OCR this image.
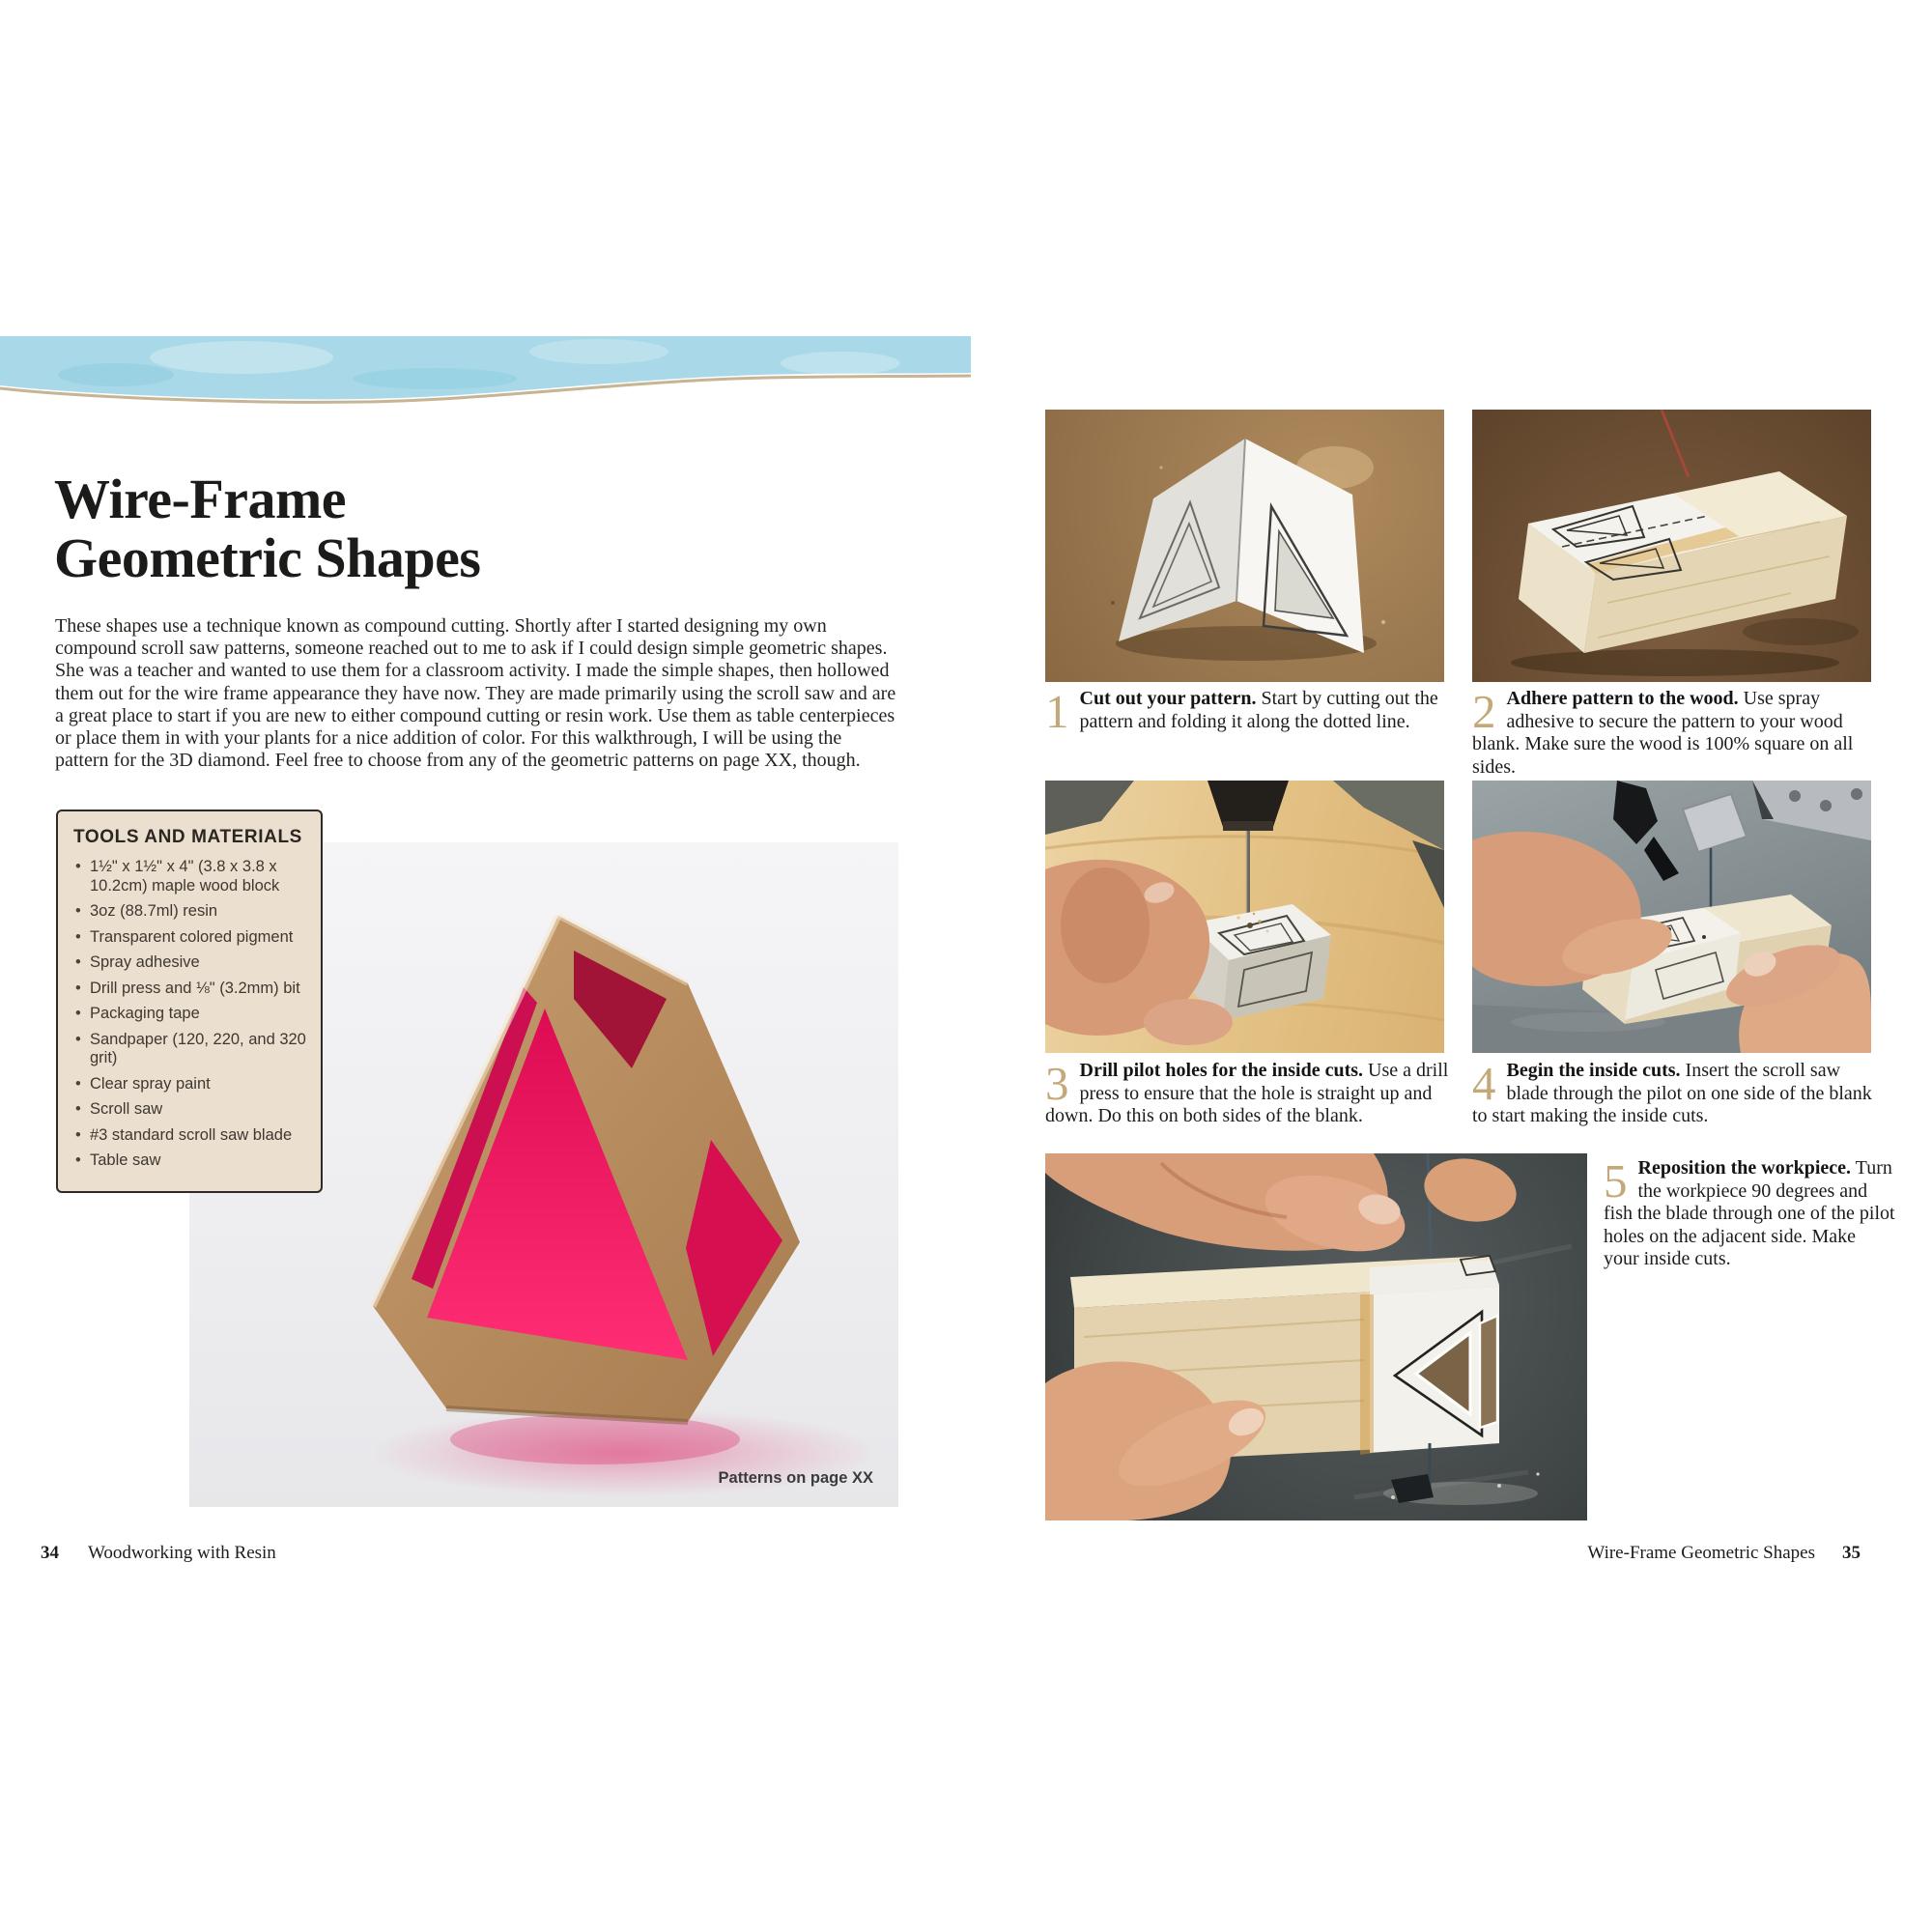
Wire-Frame
Geometric Shapes

These shapes use a technique known as compound cutting. Shortly after I started designing my own compound scroll saw patterns, someone reached out to me to ask if I could design simple geometric shapes. She was a teacher and wanted to use them for a classroom activity. I made the simple shapes, then hollowed them out for the wire frame appearance they have now. They are made primarily using the scroll saw and are a great place to start if you are new to either compound cutting or resin work. Use them as table centerpieces or place them in with your plants for a nice addition of color. For this walkthrough, I will be using the pattern for the 3D diamond. Feel free to choose from any of the geometric patterns on page XX, though.

TOOLS AND MATERIALS
• 1½" x 1½" x 4" (3.8 x 3.8 x 10.2cm) maple wood block
• 3oz (88.7ml) resin
• Transparent colored pigment
• Spray adhesive
• Drill press and ⅛" (3.2mm) bit
• Packaging tape
• Sandpaper (120, 220, and 320 grit)
• Clear spray paint
• Scroll saw
• #3 standard scroll saw blade
• Table saw
Patterns on page XX
34 Woodworking with Resin
1 Cut out your pattern. Start by cutting out the pattern and folding it along the dotted line.	2 Adhere pattern to the wood. Use spray adhesive to secure the pattern to your wood blank. Make sure the wood is 100% square on all sides.
3 Drill pilot holes for the inside cuts. Use a drill press to ensure that the hole is straight up and down. Do this on both sides of the blank.
4 Begin the inside cuts. Insert the scroll saw blade through the pilot on one side of the blank to start making the inside cuts.
5 Reposition the workpiece. Turn the workpiece 90 degrees and fish the blade through one of the pilot holes on the adjacent side. Make your inside cuts.
Wire-Frame Geometric Shapes 35
